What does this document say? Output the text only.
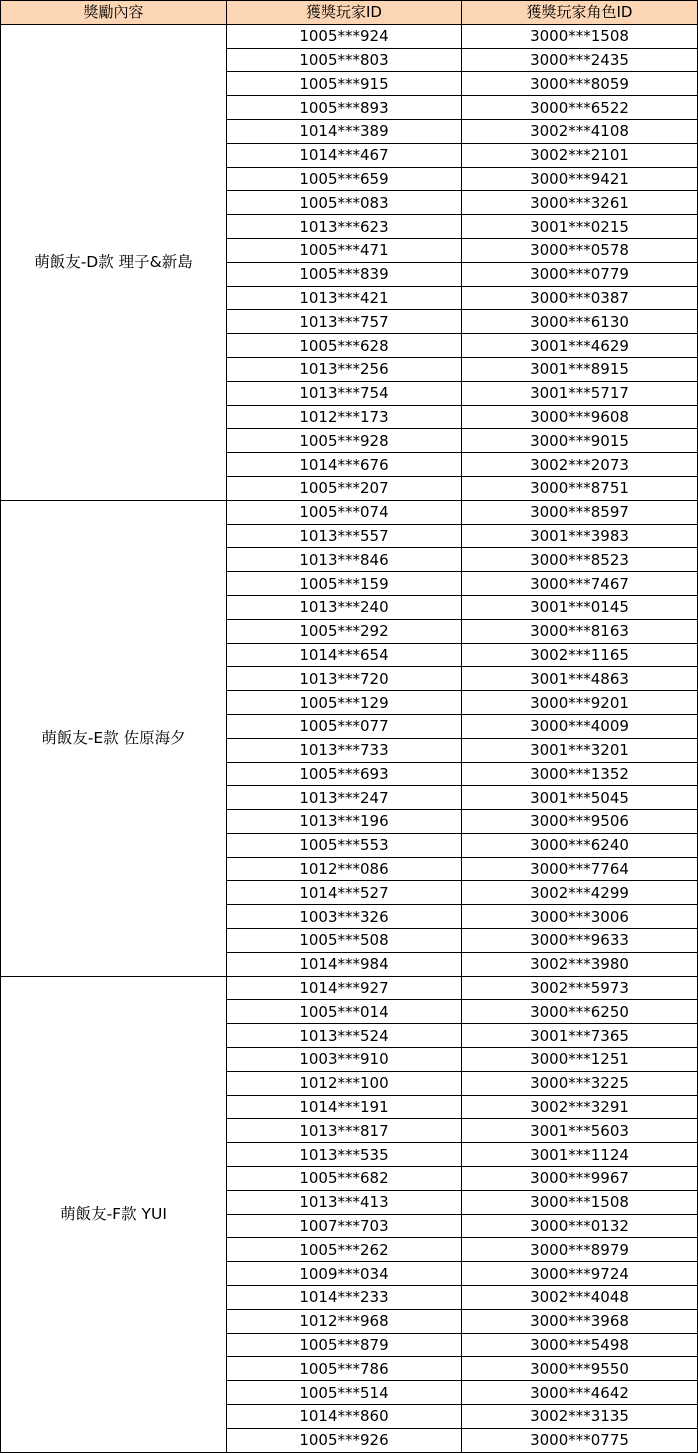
獎勵內容	獲獎玩家ID	獲獎玩家角色ID
萌飯友-D款 理子&新島	1005***924	3000***1508
	1005***803	3000***2435
	1005***915	3000***8059
	1005***893	3000***6522
	1014***389	3002***4108
	1014***467	3002***2101
	1005***659	3000***9421
	1005***083	3000***3261
	1013***623	3001***0215
	1005***471	3000***0578
	1005***839	3000***0779
	1013***421	3000***0387
	1013***757	3000***6130
	1005***628	3001***4629
	1013***256	3001***8915
	1013***754	3001***5717
	1012***173	3000***9608
	1005***928	3000***9015
	1014***676	3002***2073
	1005***207	3000***8751
萌飯友-E款 佐原海夕	1005***074	3000***8597
	1013***557	3001***3983
	1013***846	3000***8523
	1005***159	3000***7467
	1013***240	3001***0145
	1005***292	3000***8163
	1014***654	3002***1165
	1013***720	3001***4863
	1005***129	3000***9201
	1005***077	3000***4009
	1013***733	3001***3201
	1005***693	3000***1352
	1013***247	3001***5045
	1013***196	3000***9506
	1005***553	3000***6240
	1012***086	3000***7764
	1014***527	3002***4299
	1003***326	3000***3006
	1005***508	3000***9633
	1014***984	3002***3980
萌飯友-F款 YUI	1014***927	3002***5973
	1005***014	3000***6250
	1013***524	3001***7365
	1003***910	3000***1251
	1012***100	3000***3225
	1014***191	3002***3291
	1013***817	3001***5603
	1013***535	3001***1124
	1005***682	3000***9967
	1013***413	3000***1508
	1007***703	3000***0132
	1005***262	3000***8979
	1009***034	3000***9724
	1014***233	3002***4048
	1012***968	3000***3968
	1005***879	3000***5498
	1005***786	3000***9550
	1005***514	3000***4642
	1014***860	3002***3135
	1005***926	3000***0775
